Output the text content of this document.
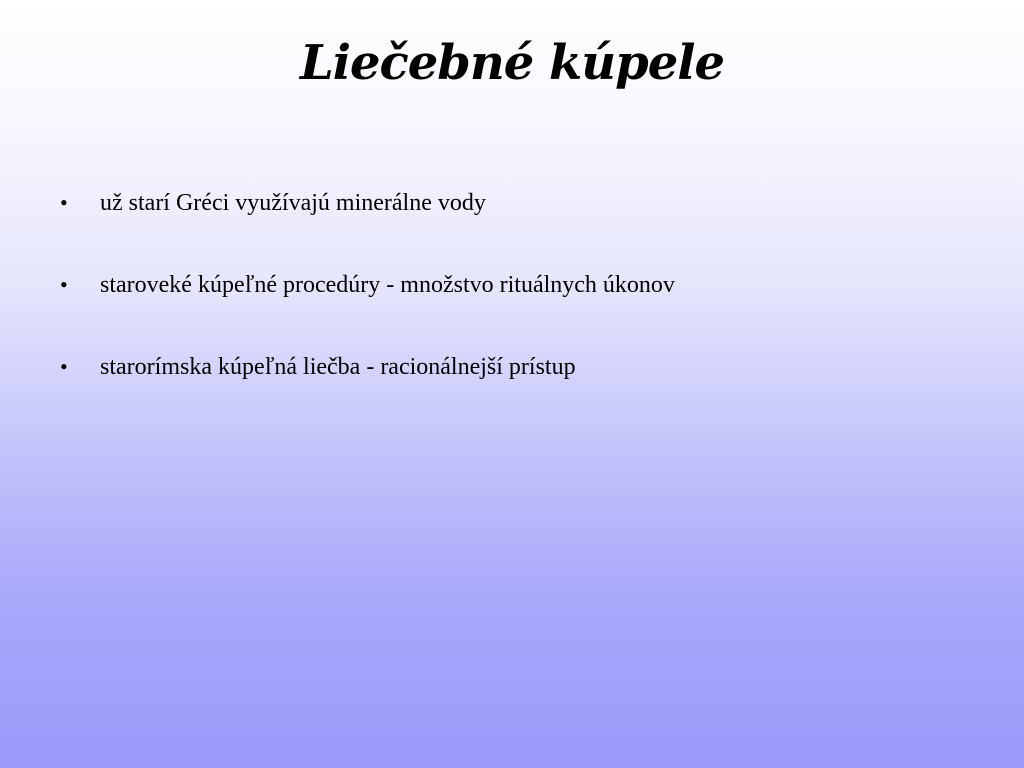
Liečebné kúpele
•	už starí Gréci využívajú minerálne vody
•	staroveké kúpeľné procedúry - množstvo rituálnych úkonov
•	starorímska kúpeľná liečba - racionálnejší prístup
